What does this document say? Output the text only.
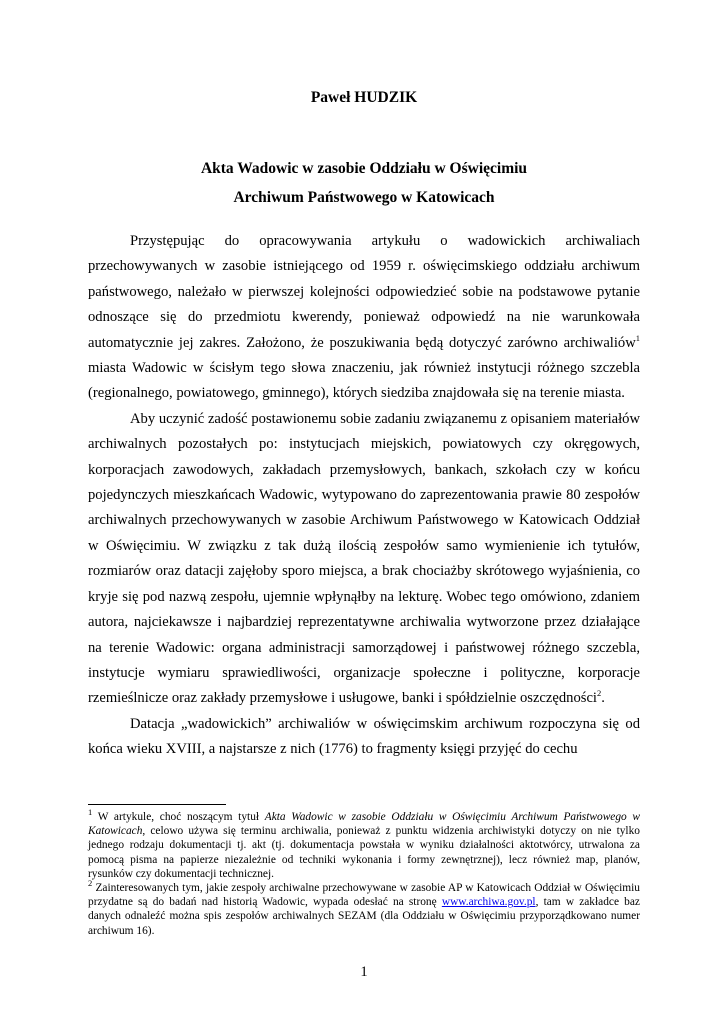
Paweł HUDZIK
Akta Wadowic w zasobie Oddziału w Oświęcimiu
Archiwum Państwowego w Katowicach

Przystępując do opracowywania artykułu o wadowickich archiwaliach przechowywanych w zasobie istniejącego od 1959 r. oświęcimskiego oddziału archiwum państwowego, należało w pierwszej kolejności odpowiedzieć sobie na podstawowe pytanie odnoszące się do przedmiotu kwerendy, ponieważ odpowiedź na nie warunkowała automatycznie jej zakres. Założono, że poszukiwania będą dotyczyć zarówno archiwaliów$^1$ miasta Wadowic w ścisłym tego słowa znaczeniu, jak również instytucji różnego szczebla (regionalnego, powiatowego, gminnego), których siedziba znajdowała się na terenie miasta.

Aby uczynić zadość postawionemu sobie zadaniu związanemu z opisaniem materiałów archiwalnych pozostałych po: instytucjach miejskich, powiatowych czy okręgowych, korporacjach zawodowych, zakładach przemysłowych, bankach, szkołach czy w końcu pojedynczych mieszkańcach Wadowic, wytypowano do zaprezentowania prawie 80 zespołów archiwalnych przechowywanych w zasobie Archiwum Państwowego w Katowicach Oddział w Oświęcimiu. W związku z tak dużą ilością zespołów samo wymienienie ich tytułów, rozmiarów oraz datacji zajęłoby sporo miejsca, a brak chociażby skrótowego wyjaśnienia, co kryje się pod nazwą zespołu, ujemnie wpłynąłby na lekturę. Wobec tego omówiono, zdaniem autora, najciekawsze i najbardziej reprezentatywne archiwalia wytworzone przez działające na terenie Wadowic: organa administracji samorządowej i państwowej różnego szczebla, instytucje wymiaru sprawiedliwości, organizacje społeczne i polityczne, korporacje rzemieślnicze oraz zakłady przemysłowe i usługowe, banki i spółdzielnie oszczędności$^2$.

Datacja „wadowickich” archiwaliów w oświęcimskim archiwum rozpoczyna się od końca wieku XVIII, a najstarsze z nich (1776) to fragmenty księgi przyjęć do cechu

$^1$ W artykule, choć noszącym tytuł Akta Wadowic w zasobie Oddziału w Oświęcimiu Archiwum Państwowego w Katowicach, celowo używa się terminu archiwalia, ponieważ z punktu widzenia archiwistyki dotyczy on nie tylko jednego rodzaju dokumentacji tj. akt (tj. dokumentacja powstała w wyniku działalności aktotwórcy, utrwalona za pomocą pisma na papierze niezależnie od techniki wykonania i formy zewnętrznej), lecz również map, planów, rysunków czy dokumentacji technicznej.

$^2$ Zainteresowanych tym, jakie zespoły archiwalne przechowywane w zasobie AP w Katowicach Oddział w Oświęcimiu przydatne są do badań nad historią Wadowic, wypada odesłać na stronę www.archiwa.gov.pl, tam w zakładce baz danych odnaleźć można spis zespołów archiwalnych SEZAM (dla Oddziału w Oświęcimiu przyporządkowano numer archiwum 16).

1
